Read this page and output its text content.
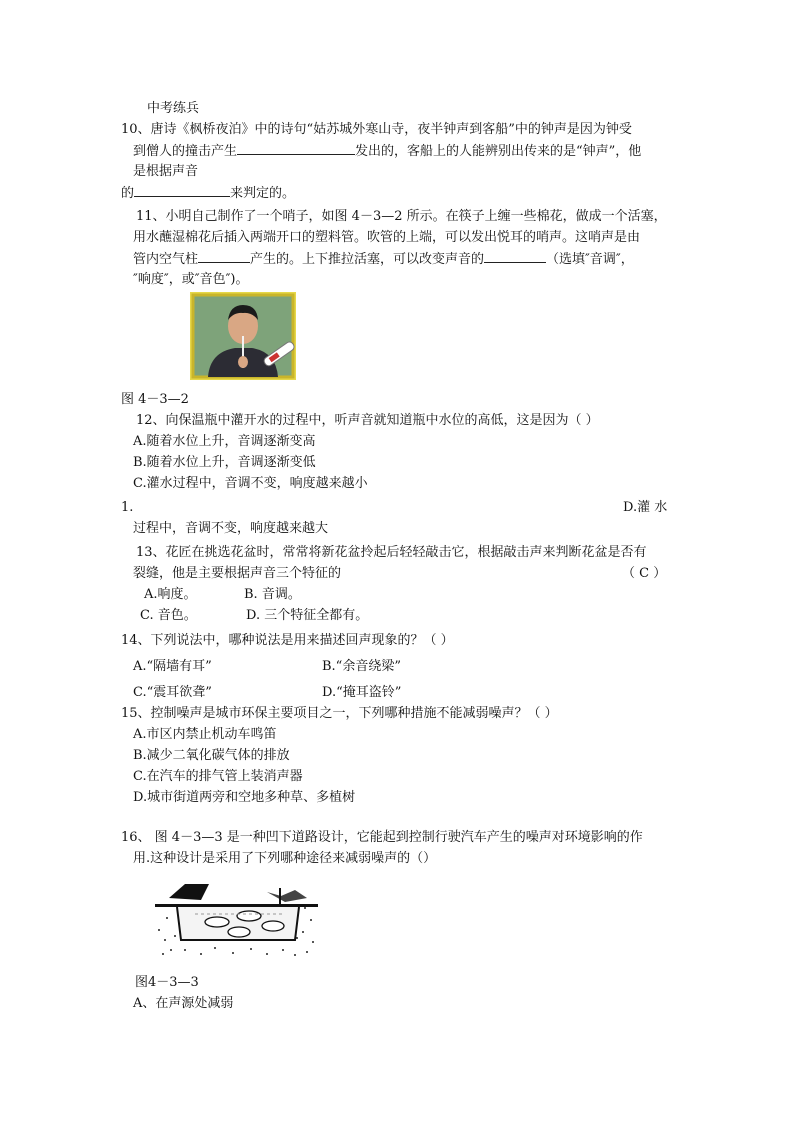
中考练兵
10、唐诗《枫桥夜泊》中的诗句“姑苏城外寒山寺，夜半钟声到客船”中的钟声是因为钟受
到僧人的撞击产生	发出的，客船上的人能辨别出传来的是“钟声”，他
是根据声音
的	来判定的。
11、小明自己制作了一个哨子，如图 4－3—2 所示。在筷子上缠一些棉花，做成一个活塞，
用水蘸湿棉花后插入两端开口的塑料管。吹管的上端，可以发出悦耳的哨声。这哨声是由
管内空气柱	产生的。上下推拉活塞，可以改变声音的	（选填″音调″，
″响度″，或″音色″)。
图 4－3—2
12、向保温瓶中灌开水的过程中，听声音就知道瓶中水位的高低，这是因为（ ）
A.随着水位上升，音调逐渐变高
B.随着水位上升，音调逐渐变低
C.灌水过程中，音调不变，响度越来越小
1.	D.灌 水
过程中，音调不变，响度越来越大
13、花匠在挑选花盆时，常常将新花盆拎起后轻轻敲击它，根据敲击声来判断花盆是否有
裂缝，他是主要根据声音三个特征的	（ C ）
A.响度。	B. 音调。
C. 音色。	D. 三个特征全都有。
14、下列说法中，哪种说法是用来描述回声现象的？（ ）
A.“隔墙有耳”	B.“余音绕梁”
C.“震耳欲聋”	D.“掩耳盗铃”
15、控制噪声是城市环保主要项目之一，下列哪种措施不能减弱噪声？（ ）
A.市区内禁止机动车鸣笛
B.减少二氧化碳气体的排放
C.在汽车的排气管上装消声器
D.城市街道两旁和空地多种草、多植树
16、 图 4－3—3 是一种凹下道路设计，它能起到控制行驶汽车产生的噪声对环境影响的作
用.这种设计是采用了下列哪种途径来减弱噪声的（）
图4－3—3
A、在声源处减弱
